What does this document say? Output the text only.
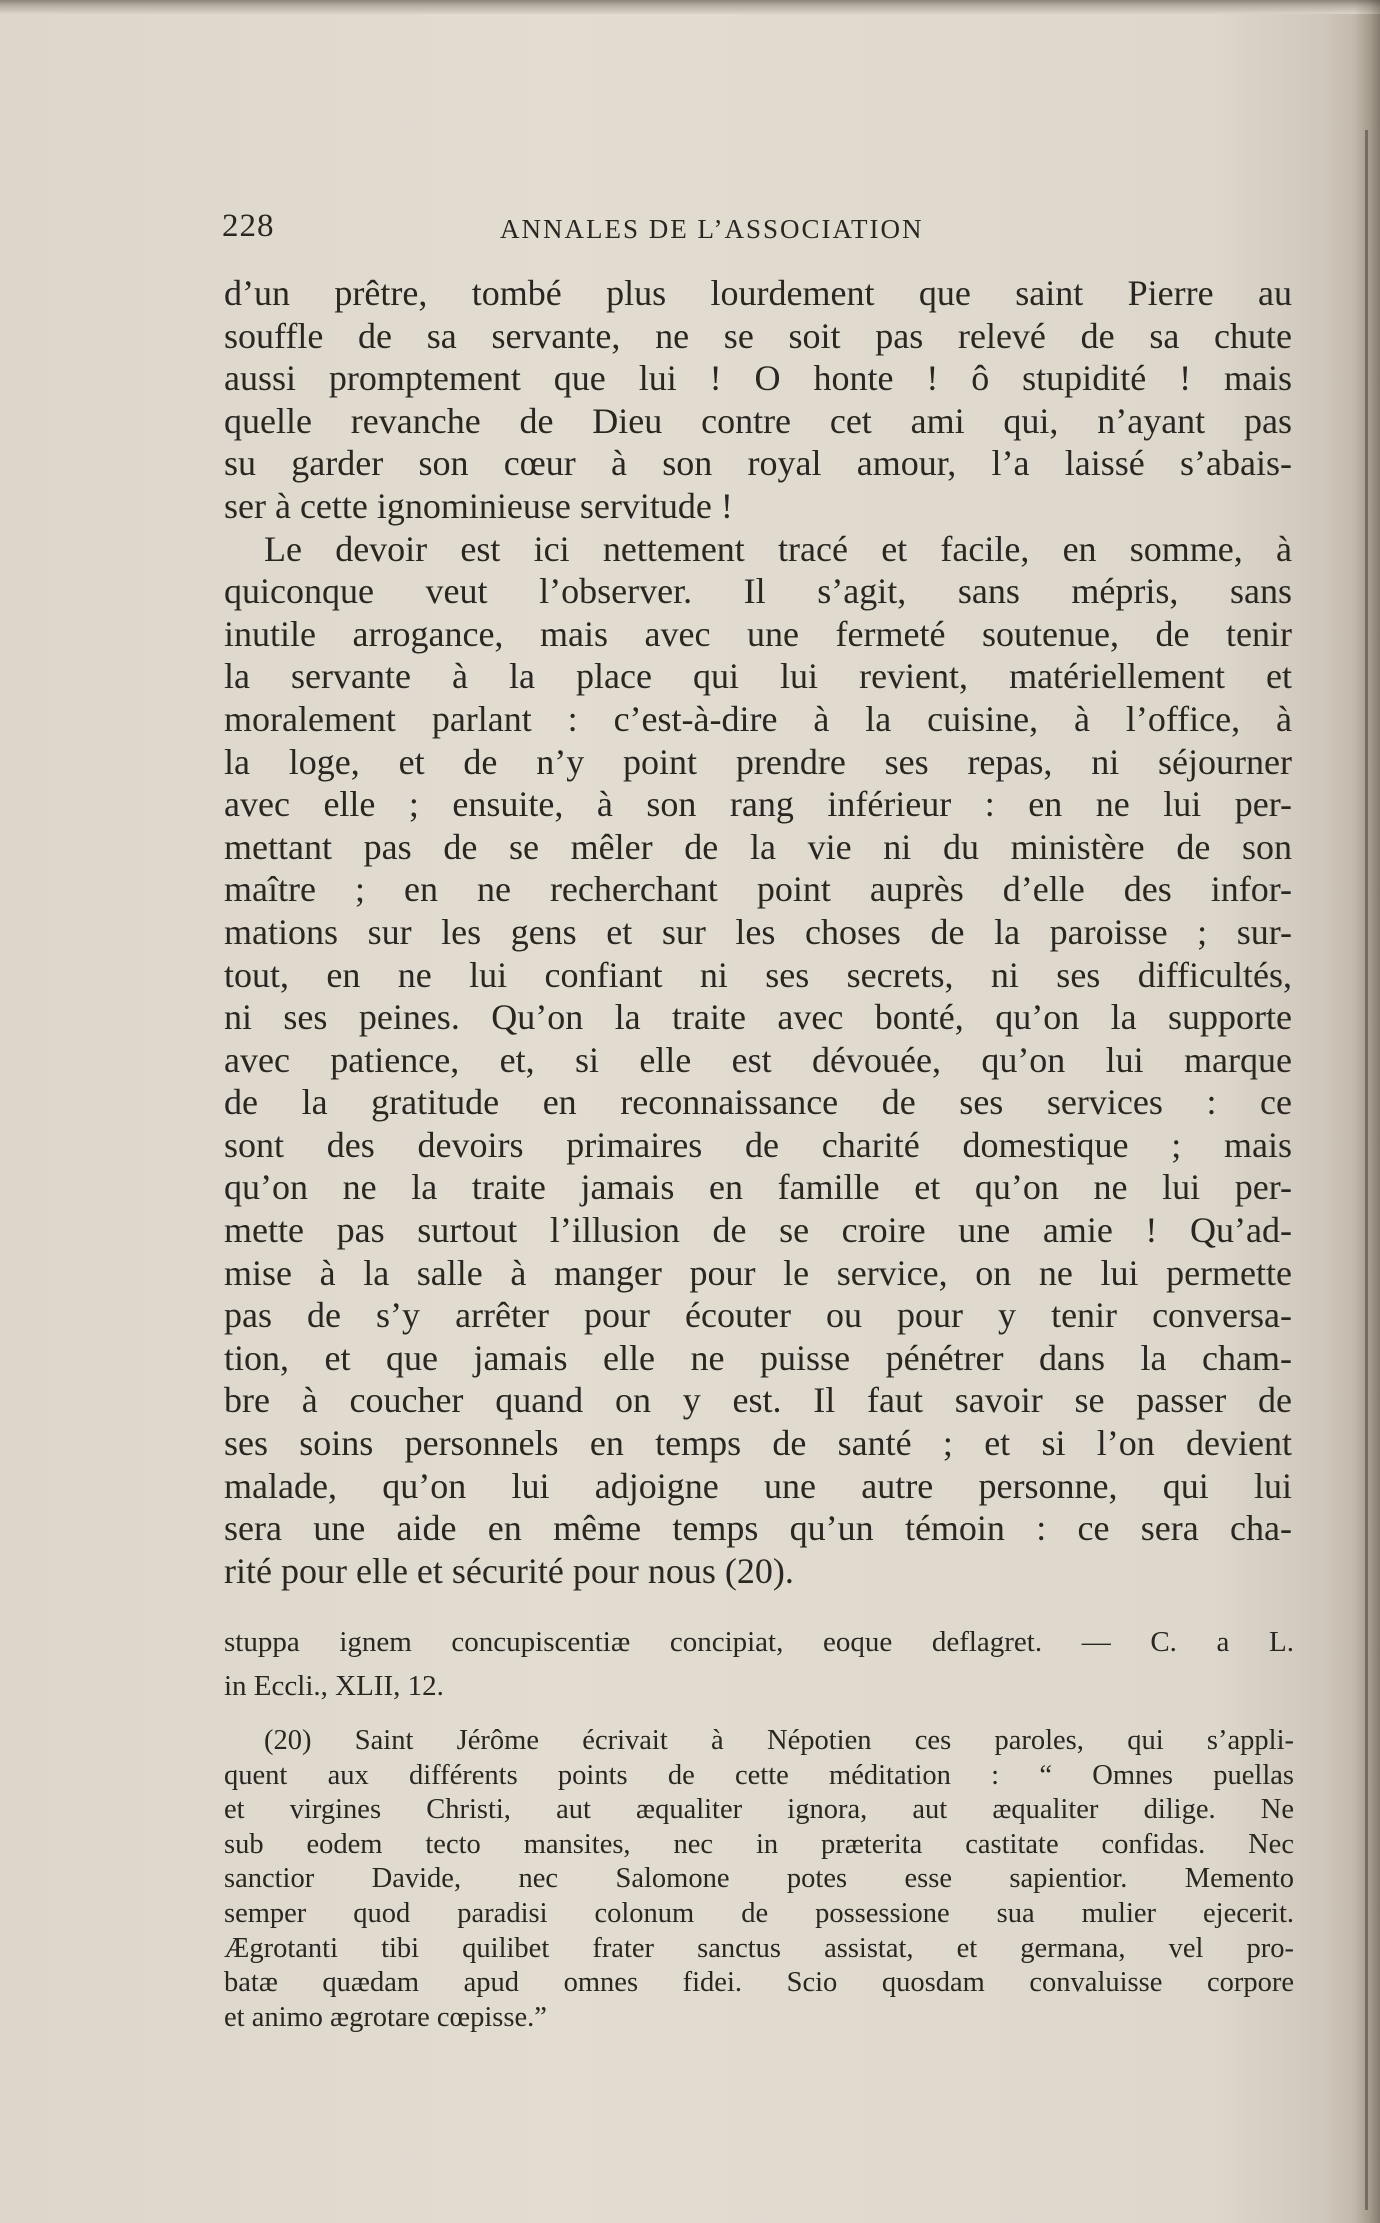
228	ANNALES DE L’ASSOCIATION
d’un prêtre, tombé plus lourdement que saint Pierre au
souffle de sa servante, ne se soit pas relevé de sa chute
aussi promptement que lui ! O honte ! ô stupidité ! mais
quelle revanche de Dieu contre cet ami qui, n’ayant pas
su garder son cœur à son royal amour, l’a laissé s’abais-
ser à cette ignominieuse servitude !
Le devoir est ici nettement tracé et facile, en somme, à
quiconque veut l’observer. Il s’agit, sans mépris, sans
inutile arrogance, mais avec une fermeté soutenue, de tenir
la servante à la place qui lui revient, matériellement et
moralement parlant : c’est-à-dire à la cuisine, à l’office, à
la loge, et de n’y point prendre ses repas, ni séjourner
avec elle ; ensuite, à son rang inférieur : en ne lui per-
mettant pas de se mêler de la vie ni du ministère de son
maître ; en ne recherchant point auprès d’elle des infor-
mations sur les gens et sur les choses de la paroisse ; sur-
tout, en ne lui confiant ni ses secrets, ni ses difficultés,
ni ses peines. Qu’on la traite avec bonté, qu’on la supporte
avec patience, et, si elle est dévouée, qu’on lui marque
de la gratitude en reconnaissance de ses services : ce
sont des devoirs primaires de charité domestique ; mais
qu’on ne la traite jamais en famille et qu’on ne lui per-
mette pas surtout l’illusion de se croire une amie ! Qu’ad-
mise à la salle à manger pour le service, on ne lui permette
pas de s’y arrêter pour écouter ou pour y tenir conversa-
tion, et que jamais elle ne puisse pénétrer dans la cham-
bre à coucher quand on y est. Il faut savoir se passer de
ses soins personnels en temps de santé ; et si l’on devient
malade, qu’on lui adjoigne une autre personne, qui lui
sera une aide en même temps qu’un témoin : ce sera cha-
rité pour elle et sécurité pour nous (20).
stuppa ignem concupiscentiæ concipiat, eoque deflagret. — C. a L.
in Eccli., XLII, 12.
(20) Saint Jérôme écrivait à Népotien ces paroles, qui s’appli-
quent aux différents points de cette méditation : “ Omnes puellas
et virgines Christi, aut æqualiter ignora, aut æqualiter dilige. Ne
sub eodem tecto mansites, nec in præterita castitate confidas. Nec
sanctior Davide, nec Salomone potes esse sapientior. Memento
semper quod paradisi colonum de possessione sua mulier ejecerit.
Ægrotanti tibi quilibet frater sanctus assistat, et germana, vel pro-
batæ quædam apud omnes fidei. Scio quosdam convaluisse corpore
et animo ægrotare cœpisse.”
